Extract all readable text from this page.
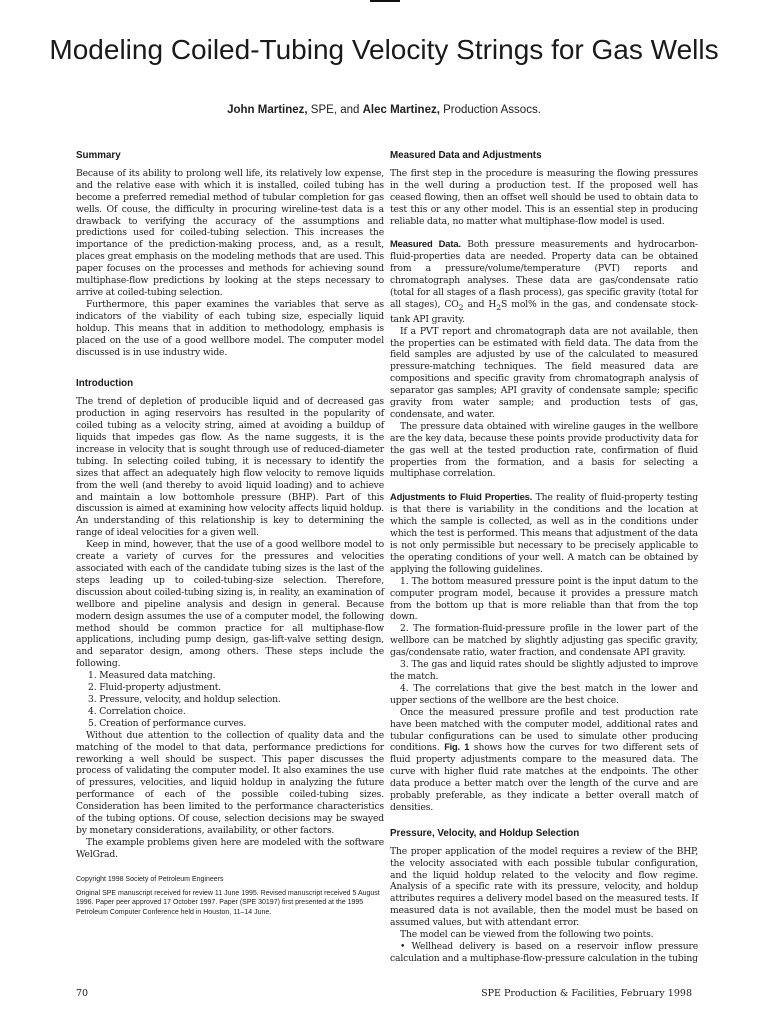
Modeling Coiled-Tubing Velocity Strings for Gas Wells
John Martinez, SPE, and Alec Martinez, Production Assocs.
Summary

Because of its ability to prolong well life, its relatively low expense, and the relative ease with which it is installed, coiled tubing has become a preferred remedial method of tubular completion for gas wells. Of couse, the difficulty in procuring wireline-test data is a drawback to verifying the accuracy of the assumptions and predictions used for coiled-tubing selection. This increases the importance of the prediction-making process, and, as a result, places great emphasis on the modeling methods that are used. This paper focuses on the processes and methods for achieving sound multiphase-flow predictions by looking at the steps necessary to arrive at coiled-tubing selection.

Furthermore, this paper examines the variables that serve as indicators of the viability of each tubing size, especially liquid holdup. This means that in addition to methodology, emphasis is placed on the use of a good wellbore model. The computer model discussed is in use industry wide.

Introduction

The trend of depletion of producible liquid and of decreased gas production in aging reservoirs has resulted in the popularity of coiled tubing as a velocity string, aimed at avoiding a buildup of liquids that impedes gas flow. As the name suggests, it is the increase in velocity that is sought through use of reduced-diameter tubing. In selecting coiled tubing, it is necessary to identify the sizes that affect an adequately high flow velocity to remove liquids from the well (and thereby to avoid liquid loading) and to achieve and maintain a low bottomhole pressure (BHP). Part of this discussion is aimed at examining how velocity affects liquid holdup. An understanding of this relationship is key to determining the range of ideal velocities for a given well.

Keep in mind, however, that the use of a good wellbore model to create a variety of curves for the pressures and velocities associated with each of the candidate tubing sizes is the last of the steps leading up to coiled-tubing-size selection. Therefore, discussion about coiled-tubing sizing is, in reality, an examination of wellbore and pipeline analysis and design in general. Because modern design assumes the use of a computer model, the following method should be common practice for all multiphase-flow applications, including pump design, gas-lift-valve setting design, and separator design, among others. These steps include the following.

1. Measured data matching.
2. Fluid-property adjustment.
3. Pressure, velocity, and holdup selection.
4. Correlation choice.
5. Creation of performance curves.

Without due attention to the collection of quality data and the matching of the model to that data, performance predictions for reworking a well should be suspect. This paper discusses the process of validating the computer model. It also examines the use of pressures, velocities, and liquid holdup in analyzing the future performance of each of the possible coiled-tubing sizes. Consideration has been limited to the performance characteristics of the tubing options. Of couse, selection decisions may be swayed by monetary considerations, availability, or other factors.

The example problems given here are modeled with the software WelGrad.

Copyright 1998 Society of Petroleum Engineers
Original SPE manuscript received for review 11 June 1995. Revised manuscript received 5 August 1996. Paper peer approved 17 October 1997. Paper (SPE 30197) first presented at the 1995 Petroleum Computer Conference held in Houston, 11–14 June.
Measured Data and Adjustments

The first step in the procedure is measuring the flowing pressures in the well during a production test. If the proposed well has ceased flowing, then an offset well should be used to obtain data to test this or any other model. This is an essential step in producing reliable data, no matter what multiphase-flow model is used.

Measured Data. Both pressure measurements and hydrocarbon-fluid-properties data are needed. Property data can be obtained from a pressure/volume/temperature (PVT) reports and chromatograph analyses. These data are gas/condensate ratio (total for all stages of a flash process), gas specific gravity (total for all stages), $CO_2$ and $H_2S$ mol% in the gas, and condensate stock-tank API gravity.

If a PVT report and chromatograph data are not available, then the properties can be estimated with field data. The data from the field samples are adjusted by use of the calculated to measured pressure-matching techniques. The field measured data are compositions and specific gravity from chromatograph analysis of separator gas samples; API gravity of condensate sample; specific gravity from water sample; and production tests of gas, condensate, and water.

The pressure data obtained with wireline gauges in the wellbore are the key data, because these points provide productivity data for the gas well at the tested production rate, confirmation of fluid properties from the formation, and a basis for selecting a multiphase correlation.

Adjustments to Fluid Properties. The reality of fluid-property testing is that there is variability in the conditions and the location at which the sample is collected, as well as in the conditions under which the test is performed. This means that adjustment of the data is not only permissible but necessary to be precisely applicable to the operating conditions of your well. A match can be obtained by applying the following guidelines.

1. The bottom measured pressure point is the input datum to the computer program model, because it provides a pressure match from the bottom up that is more reliable than that from the top down.

2. The formation-fluid-pressure profile in the lower part of the wellbore can be matched by slightly adjusting gas specific gravity, gas/condensate ratio, water fraction, and condensate API gravity.

3. The gas and liquid rates should be slightly adjusted to improve the match.

4. The correlations that give the best match in the lower and upper sections of the wellbore are the best choice.

Once the measured pressure profile and test production rate have been matched with the computer model, additional rates and tubular configurations can be used to simulate other producing conditions. Fig. 1 shows how the curves for two different sets of fluid property adjustments compare to the measured data. The curve with higher fluid rate matches at the endpoints. The other data produce a better match over the length of the curve and are probably preferable, as they indicate a better overall match of densities.

Pressure, Velocity, and Holdup Selection

The proper application of the model requires a review of the BHP, the velocity associated with each possible tubular configuration, and the liquid holdup related to the velocity and flow regime. Analysis of a specific rate with its pressure, velocity, and holdup attributes requires a delivery model based on the measured tests. If measured data is not available, then the model must be based on assumed values, but with attendant error.

The model can be viewed from the following two points.

• Wellhead delivery is based on a reservoir inflow pressure calculation and a multiphase-flow-pressure calculation in the tubing

70	SPE Production & Facilities, February 1998
